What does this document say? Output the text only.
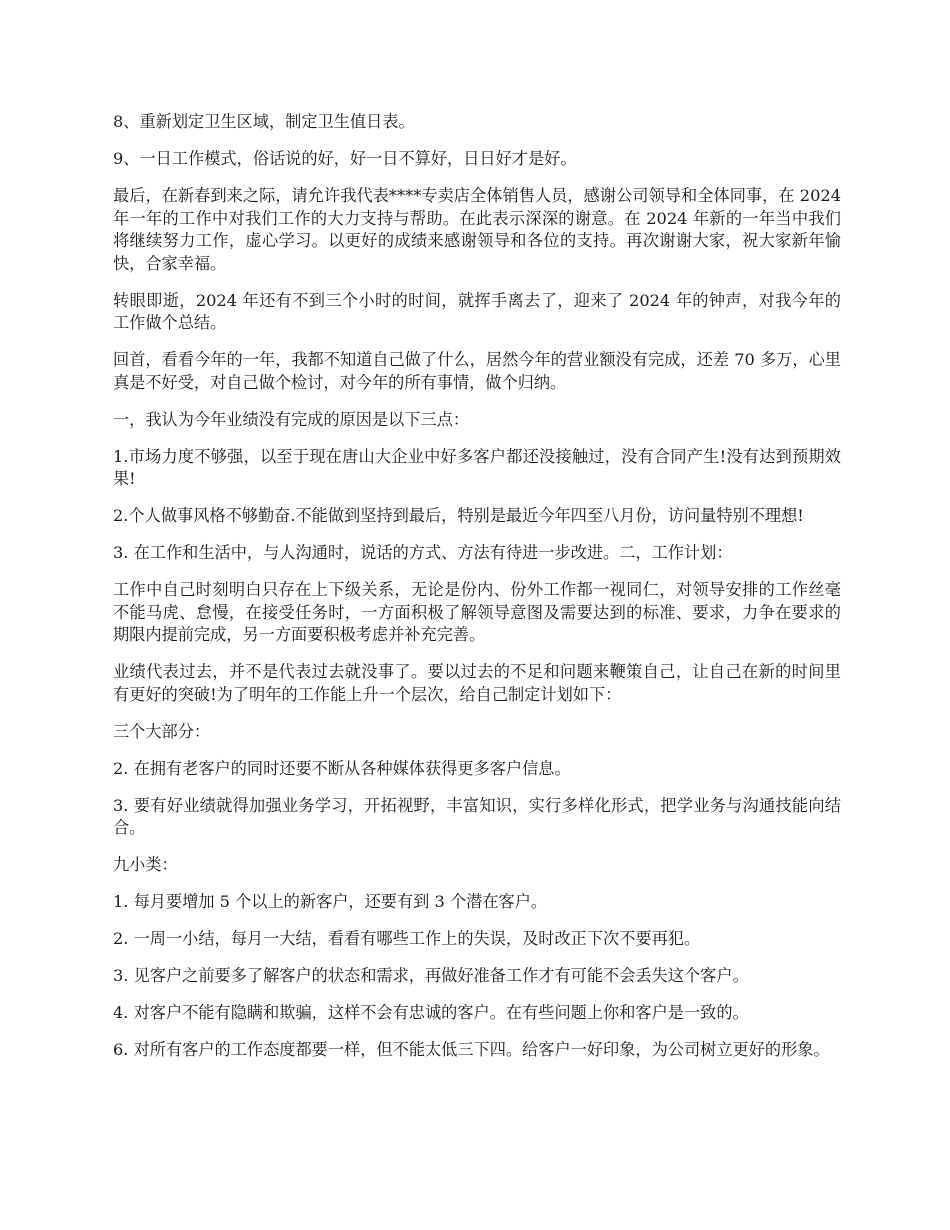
8、重新划定卫生区域，制定卫生值日表。

9、一日工作模式，俗话说的好，好一日不算好，日日好才是好。

最后，在新春到来之际，请允许我代表****专卖店全体销售人员，感谢公司领导和全体同事，在 2024 年一年的工作中对我们工作的大力支持与帮助。在此表示深深的谢意。在 2024 年新的一年当中我们将继续努力工作，虚心学习。以更好的成绩来感谢领导和各位的支持。再次谢谢大家，祝大家新年愉快，合家幸福。

转眼即逝，2024 年还有不到三个小时的时间，就挥手离去了，迎来了 2024 年的钟声，对我今年的工作做个总结。

回首，看看今年的一年，我都不知道自己做了什么，居然今年的营业额没有完成，还差 70 多万，心里真是不好受，对自己做个检讨，对今年的所有事情，做个归纳。

一，我认为今年业绩没有完成的原因是以下三点：

1.市场力度不够强，以至于现在唐山大企业中好多客户都还没接触过，没有合同产生!没有达到预期效果!

2.个人做事风格不够勤奋.不能做到坚持到最后，特别是最近今年四至八月份，访问量特别不理想!

3. 在工作和生活中，与人沟通时，说话的方式、方法有待进一步改进。二，工作计划：

工作中自己时刻明白只存在上下级关系，无论是份内、份外工作都一视同仁，对领导安排的工作丝毫不能马虎、怠慢，在接受任务时，一方面积极了解领导意图及需要达到的标准、要求，力争在要求的期限内提前完成，另一方面要积极考虑并补充完善。

业绩代表过去，并不是代表过去就没事了。要以过去的不足和问题来鞭策自己，让自己在新的时间里有更好的突破!为了明年的工作能上升一个层次，给自己制定计划如下：

三个大部分：

2. 在拥有老客户的同时还要不断从各种媒体获得更多客户信息。

3. 要有好业绩就得加强业务学习，开拓视野，丰富知识，实行多样化形式，把学业务与沟通技能向结合。

九小类：

1. 每月要增加 5 个以上的新客户，还要有到 3 个潜在客户。

2. 一周一小结，每月一大结，看看有哪些工作上的失误，及时改正下次不要再犯。

3. 见客户之前要多了解客户的状态和需求，再做好准备工作才有可能不会丢失这个客户。

4. 对客户不能有隐瞒和欺骗，这样不会有忠诚的客户。在有些问题上你和客户是一致的。

6. 对所有客户的工作态度都要一样，但不能太低三下四。给客户一好印象，为公司树立更好的形象。
